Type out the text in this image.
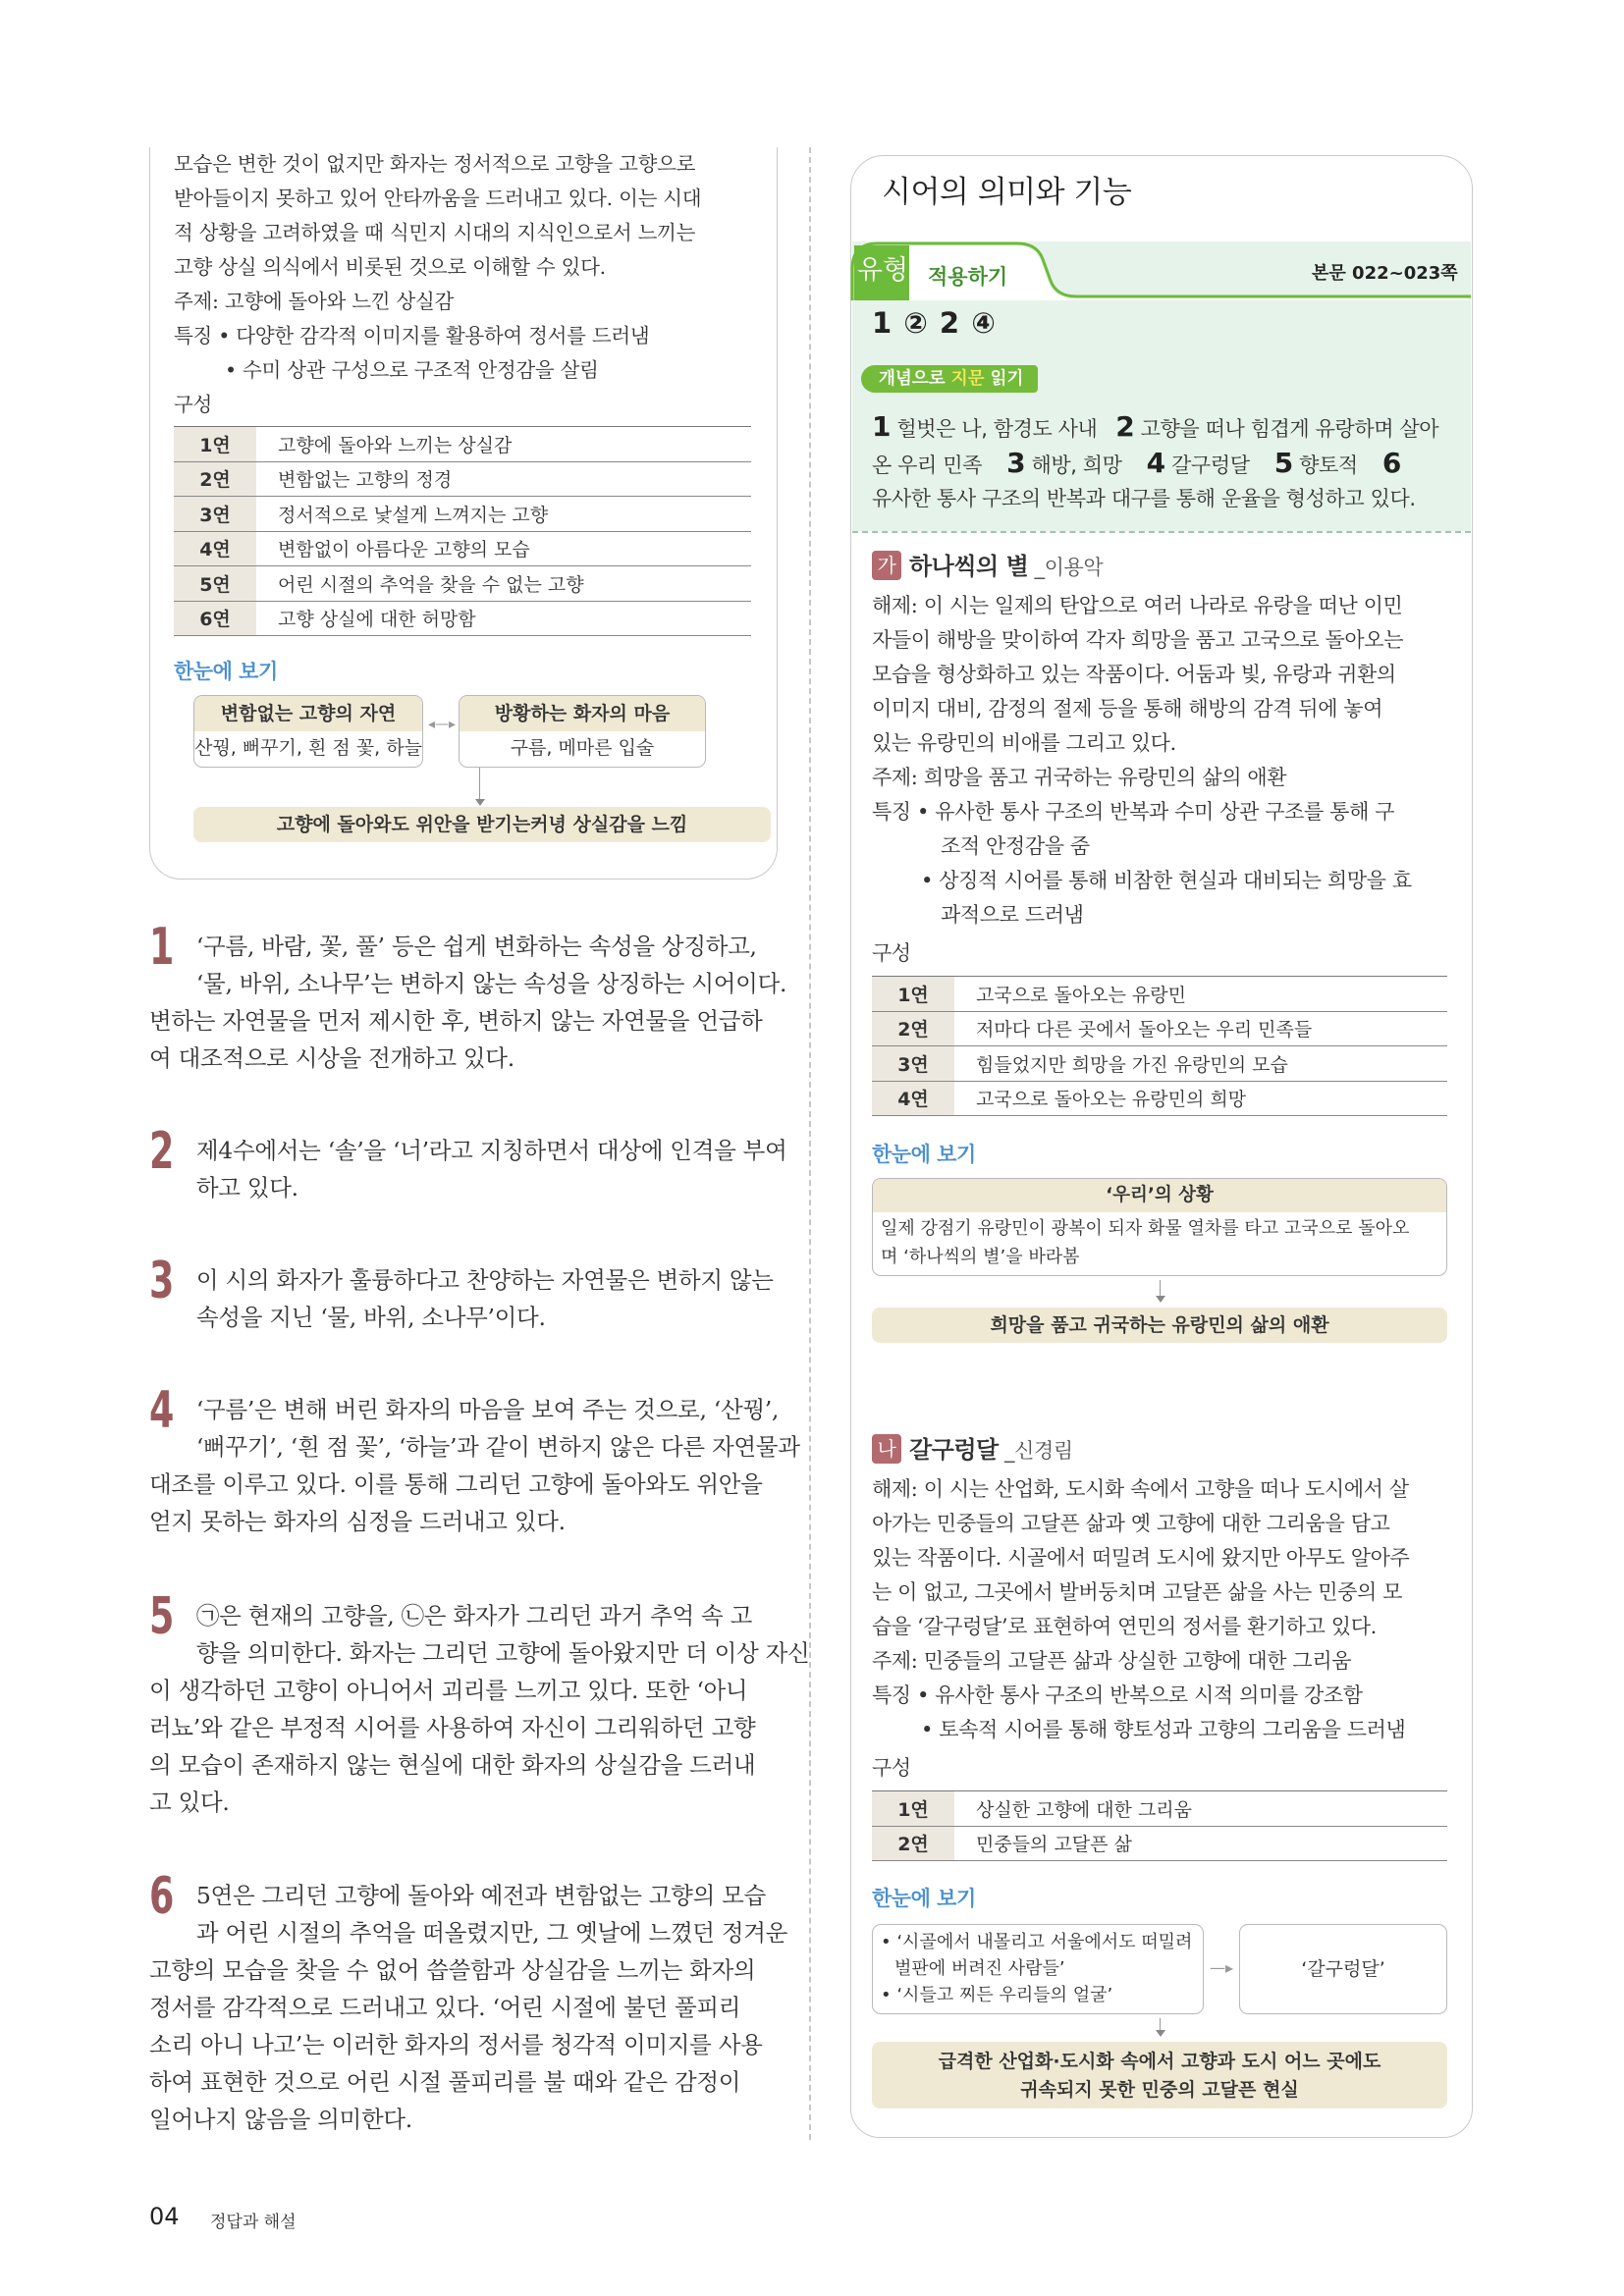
모습은 변한 것이 없지만 화자는 정서적으로 고향을 고향으로
받아들이지 못하고 있어 안타까움을 드러내고 있다. 이는 시대
적 상황을 고려하였을 때 식민지 시대의 지식인으로서 느끼는
고향 상실 의식에서 비롯된 것으로 이해할 수 있다.
주제: 고향에 돌아와 느낀 상실감
특징 • 다양한 감각적 이미지를 활용하여 정서를 드러냄
• 수미 상관 구성으로 구조적 안정감을 살림
구성
1연	고향에 돌아와 느끼는 상실감
2연	변함없는 고향의 정경
3연	정서적으로 낯설게 느껴지는 고향
4연	변함없이 아름다운 고향의 모습
5연	어린 시절의 추억을 찾을 수 없는 고향
6연	고향 상실에 대한 허망함
한눈에 보기
변함없는 고향의 자연
산꿩, 뻐꾸기, 흰 점 꽃, 하늘
◂—▸	방황하는 화자의 마음
구름, 메마른 입술
고향에 돌아와도 위안을 받기는커녕 상실감을 느낌
1 ‘구름, 바람, 꽃, 풀’ 등은 쉽게 변화하는 속성을 상징하고,
‘물, 바위, 소나무’는 변하지 않는 속성을 상징하는 시어이다.
변하는 자연물을 먼저 제시한 후, 변하지 않는 자연물을 언급하
여 대조적으로 시상을 전개하고 있다.
2 제4수에서는 ‘솔’을 ‘너’라고 지칭하면서 대상에 인격을 부여
하고 있다.
3 이 시의 화자가 훌륭하다고 찬양하는 자연물은 변하지 않는
속성을 지닌 ‘물, 바위, 소나무’이다.
4 ‘구름’은 변해 버린 화자의 마음을 보여 주는 것으로, ‘산꿩’,
‘뻐꾸기’, ‘흰 점 꽃’, ‘하늘’과 같이 변하지 않은 다른 자연물과
대조를 이루고 있다. 이를 통해 그리던 고향에 돌아와도 위안을
얻지 못하는 화자의 심정을 드러내고 있다.
5 ㉠은 현재의 고향을, ㉡은 화자가 그리던 과거 추억 속 고
향을 의미한다. 화자는 그리던 고향에 돌아왔지만 더 이상 자신
이 생각하던 고향이 아니어서 괴리를 느끼고 있다. 또한 ‘아니
러뇨’와 같은 부정적 시어를 사용하여 자신이 그리워하던 고향
의 모습이 존재하지 않는 현실에 대한 화자의 상실감을 드러내
고 있다.
6 5연은 그리던 고향에 돌아와 예전과 변함없는 고향의 모습
과 어린 시절의 추억을 떠올렸지만, 그 옛날에 느꼈던 정겨운
고향의 모습을 찾을 수 없어 씁쓸함과 상실감을 느끼는 화자의
정서를 감각적으로 드러내고 있다. ‘어린 시절에 불던 풀피리
소리 아니 나고’는 이러한 화자의 정서를 청각적 이미지를 사용
하여 표현한 것으로 어린 시절 풀피리를 불 때와 같은 감정이
일어나지 않음을 의미한다.
시어의 의미와 기능
유형 적용하기	본문 022~023쪽
1 ② 2 ④
개념으로 지문 읽기
1 헐벗은 나, 함경도 사내 2 고향을 떠나 힘겹게 유랑하며 살아
온 우리 민족 3 해방, 희망 4 갈구렁달 5 향토적 6
유사한 통사 구조의 반복과 대구를 통해 운율을 형성하고 있다.
가 하나씩의 별 _이용악
해제: 이 시는 일제의 탄압으로 여러 나라로 유랑을 떠난 이민
자들이 해방을 맞이하여 각자 희망을 품고 고국으로 돌아오는
모습을 형상화하고 있는 작품이다. 어둠과 빛, 유랑과 귀환의
이미지 대비, 감정의 절제 등을 통해 해방의 감격 뒤에 놓여
있는 유랑민의 비애를 그리고 있다.
주제: 희망을 품고 귀국하는 유랑민의 삶의 애환
특징 • 유사한 통사 구조의 반복과 수미 상관 구조를 통해 구
조적 안정감을 줌
• 상징적 시어를 통해 비참한 현실과 대비되는 희망을 효
과적으로 드러냄
구성
1연	고국으로 돌아오는 유랑민
2연	저마다 다른 곳에서 돌아오는 우리 민족들
3연	힘들었지만 희망을 가진 유랑민의 모습
4연	고국으로 돌아오는 유랑민의 희망
한눈에 보기
‘우리’의 상황
일제 강점기 유랑민이 광복이 되자 화물 열차를 타고 고국으로 돌아오
며 ‘하나씩의 별’을 바라봄
희망을 품고 귀국하는 유랑민의 삶의 애환
나 갈구렁달 _신경림
해제: 이 시는 산업화, 도시화 속에서 고향을 떠나 도시에서 살
아가는 민중들의 고달픈 삶과 옛 고향에 대한 그리움을 담고
있는 작품이다. 시골에서 떠밀려 도시에 왔지만 아무도 알아주
는 이 없고, 그곳에서 발버둥치며 고달픈 삶을 사는 민중의 모
습을 ‘갈구렁달’로 표현하여 연민의 정서를 환기하고 있다.
주제: 민중들의 고달픈 삶과 상실한 고향에 대한 그리움
특징 • 유사한 통사 구조의 반복으로 시적 의미를 강조함
• 토속적 시어를 통해 향토성과 고향의 그리움을 드러냄
구성
1연	상실한 고향에 대한 그리움
2연	민중들의 고달픈 삶
한눈에 보기
• ‘시골에서 내몰리고 서울에서도 떠밀려
벌판에 버려진 사람들’
• ‘시들고 찌든 우리들의 얼굴’
—▸	‘갈구렁달’
급격한 산업화·도시화 속에서 고향과 도시 어느 곳에도
귀속되지 못한 민중의 고달픈 현실
04 정답과 해설
